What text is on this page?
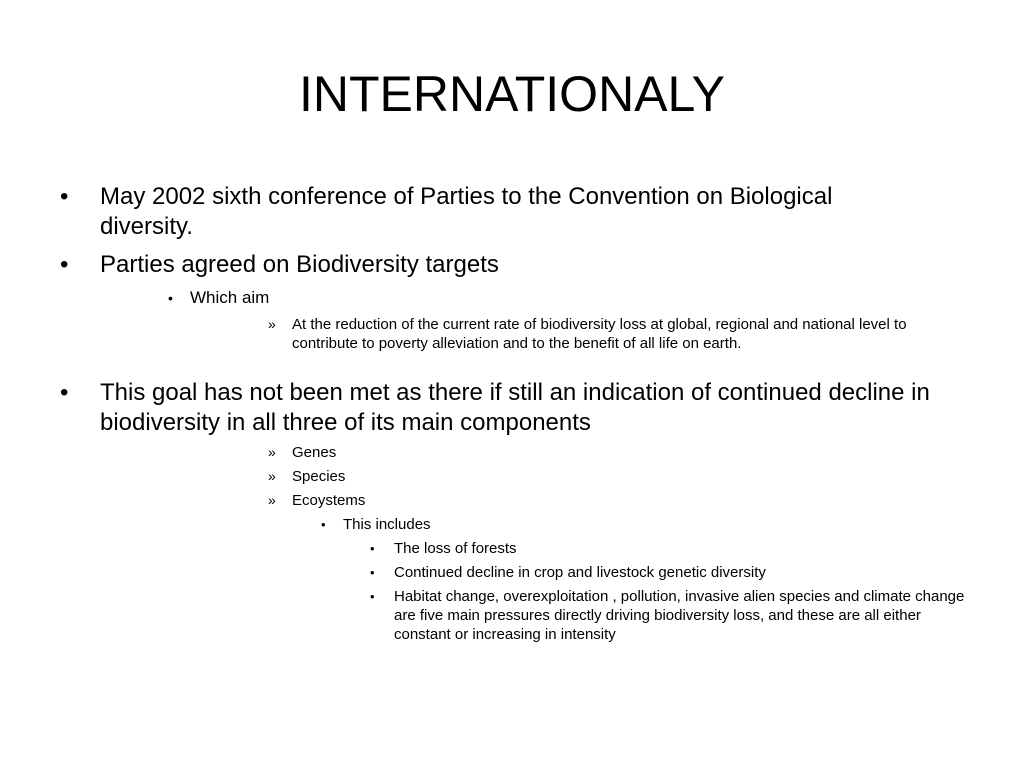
INTERNATIONALY
• May 2002 sixth conference of Parties to the Convention on Biological diversity.
• Parties agreed on Biodiversity targets
• Which aim
» At the reduction of the current rate of biodiversity loss at global, regional and national level to contribute to poverty alleviation and to the benefit of all life on earth.
• This goal has not been met as there if still an indication of continued decline in biodiversity in all three of its main components
» Genes
» Species
» Ecoystems
• This includes
• The loss of forests
• Continued decline in crop and livestock genetic diversity
• Habitat change, overexploitation , pollution, invasive alien species and climate change are five main pressures directly driving biodiversity loss, and these are all either constant or increasing in intensity
